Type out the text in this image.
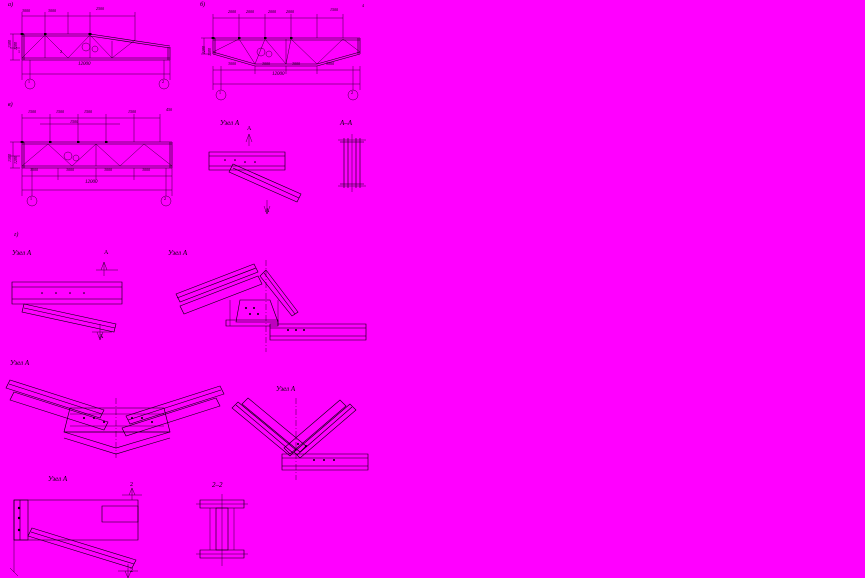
а)
3000	3000	2500
1500 1200
12000
1	2
1	2
б)
2000	2000	2000	2000	1500
1200 1500
3000	3000	3000	3000
12000
1	2
4
в)
1500	1500	1500	1500	450
1500
1500 1200
3000	3000	3000	3000
12000
1	2
Узел А
А
А
А–А
г)
Узел А	А
А
Узел А
Узел А
Узел А
Узел А
2
2
2–2
